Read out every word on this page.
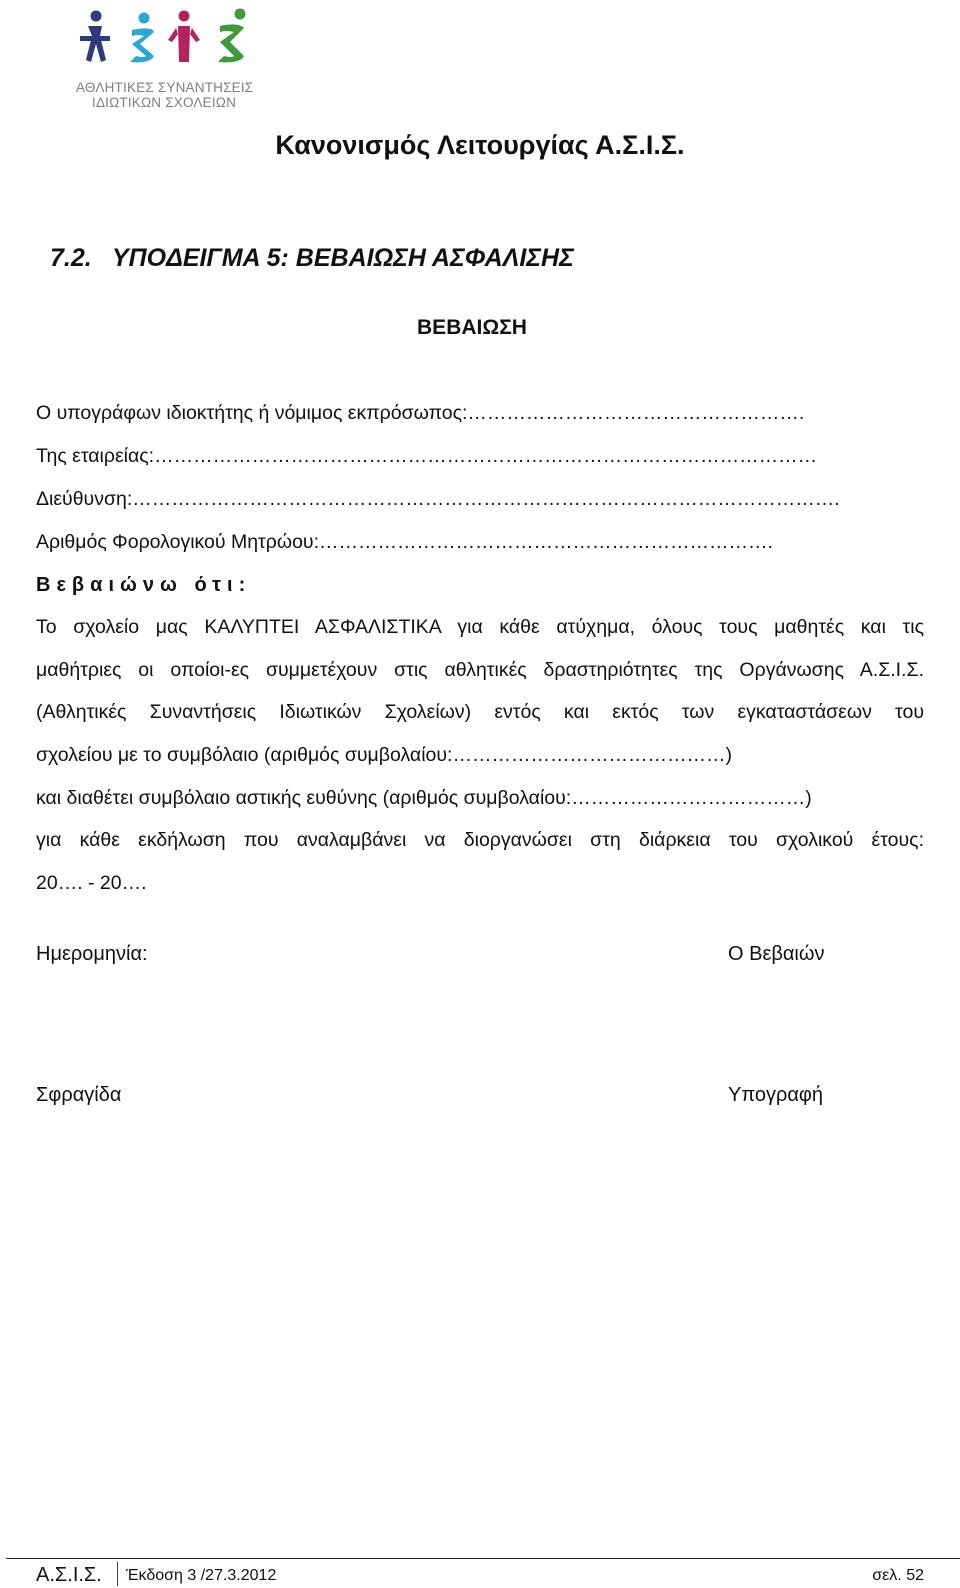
ΑΘΛΗΤΙΚΕΣ ΣΥΝΑΝΤΗΣΕΙΣ
ΙΔΙΩΤΙΚΩΝ ΣΧΟΛΕΙΩΝ
Κανονισμός Λειτουργίας Α.Σ.Ι.Σ.
7.2. ΥΠΟΔΕΙΓΜΑ 5: ΒΕΒΑΙΩΣΗ ΑΣΦΑΛΙΣΗΣ
ΒΕΒΑΙΩΣΗ
Ο υπογράφων ιδιοκτήτης ή νόμιμος εκπρόσωπος:…………………………………………….
Της εταιρείας:…………………………………………………………………………………………
Διεύθυνση:……………………………………………………………………………………………….
Αριθμός Φορολογικού Μητρώου:…………………………………………………………….
Βεβαιώνω ότι:
Το σχολείο μας ΚΑΛΥΠΤΕΙ ΑΣΦΑΛΙΣΤΙΚΑ για κάθε ατύχημα, όλους τους μαθητές και τις
μαθήτριες οι οποίοι-ες συμμετέχουν στις αθλητικές δραστηριότητες της Οργάνωσης Α.Σ.Ι.Σ.
(Αθλητικές Συναντήσεις Ιδιωτικών Σχολείων) εντός και εκτός των εγκαταστάσεων του
σχολείου με το συμβόλαιο (αριθμός συμβολαίου:……………………………………)
και διαθέτει συμβόλαιο αστικής ευθύνης (αριθμός συμβολαίου:………………………………)
για κάθε εκδήλωση που αναλαμβάνει να διοργανώσει στη διάρκεια του σχολικού έτους:
20…. - 20….
Ημερομηνία:	Ο Βεβαιών
Σφραγίδα	Υπογραφή
Α.Σ.Ι.Σ. Έκδοση 3 /27.3.2012	σελ. 52
